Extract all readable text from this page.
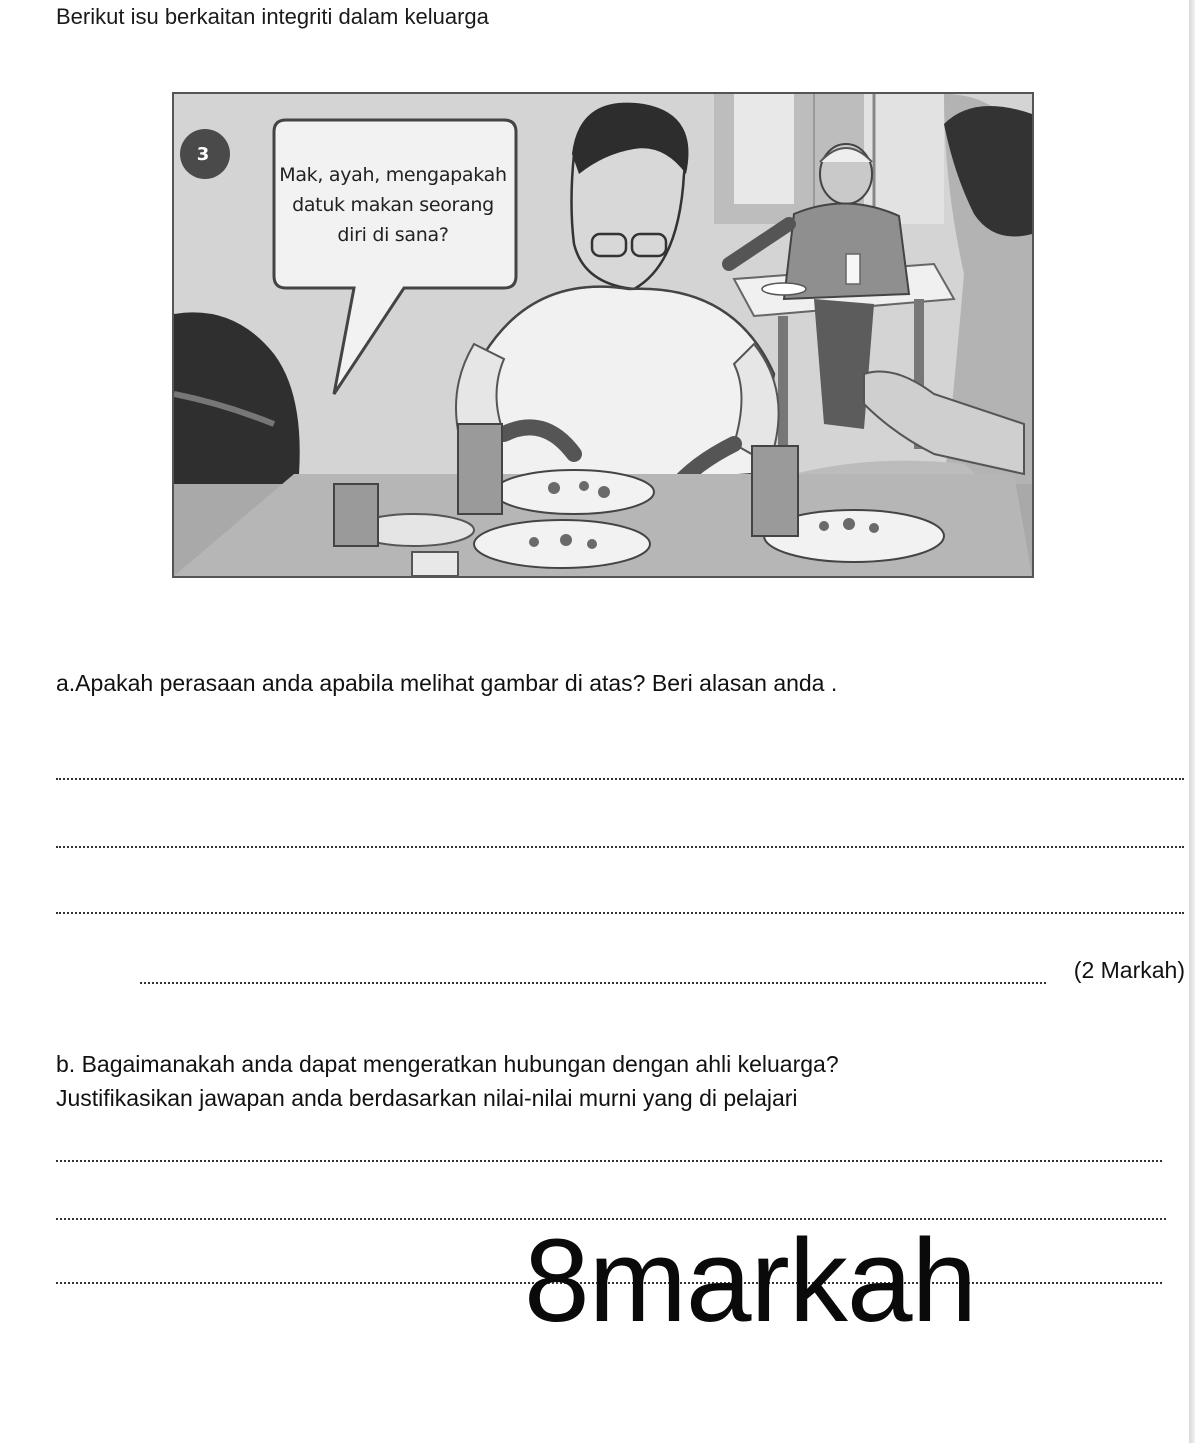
Berikut isu berkaitan integriti dalam keluarga
3
Mak, ayah, mengapakah
datuk makan seorang
diri di sana?
a.Apakah perasaan anda apabila melihat gambar di atas? Beri alasan anda .
(2 Markah)
b. Bagaimanakah anda dapat mengeratkan hubungan dengan ahli keluarga?
Justifikasikan jawapan anda berdasarkan nilai-nilai murni yang di pelajari
8markah
